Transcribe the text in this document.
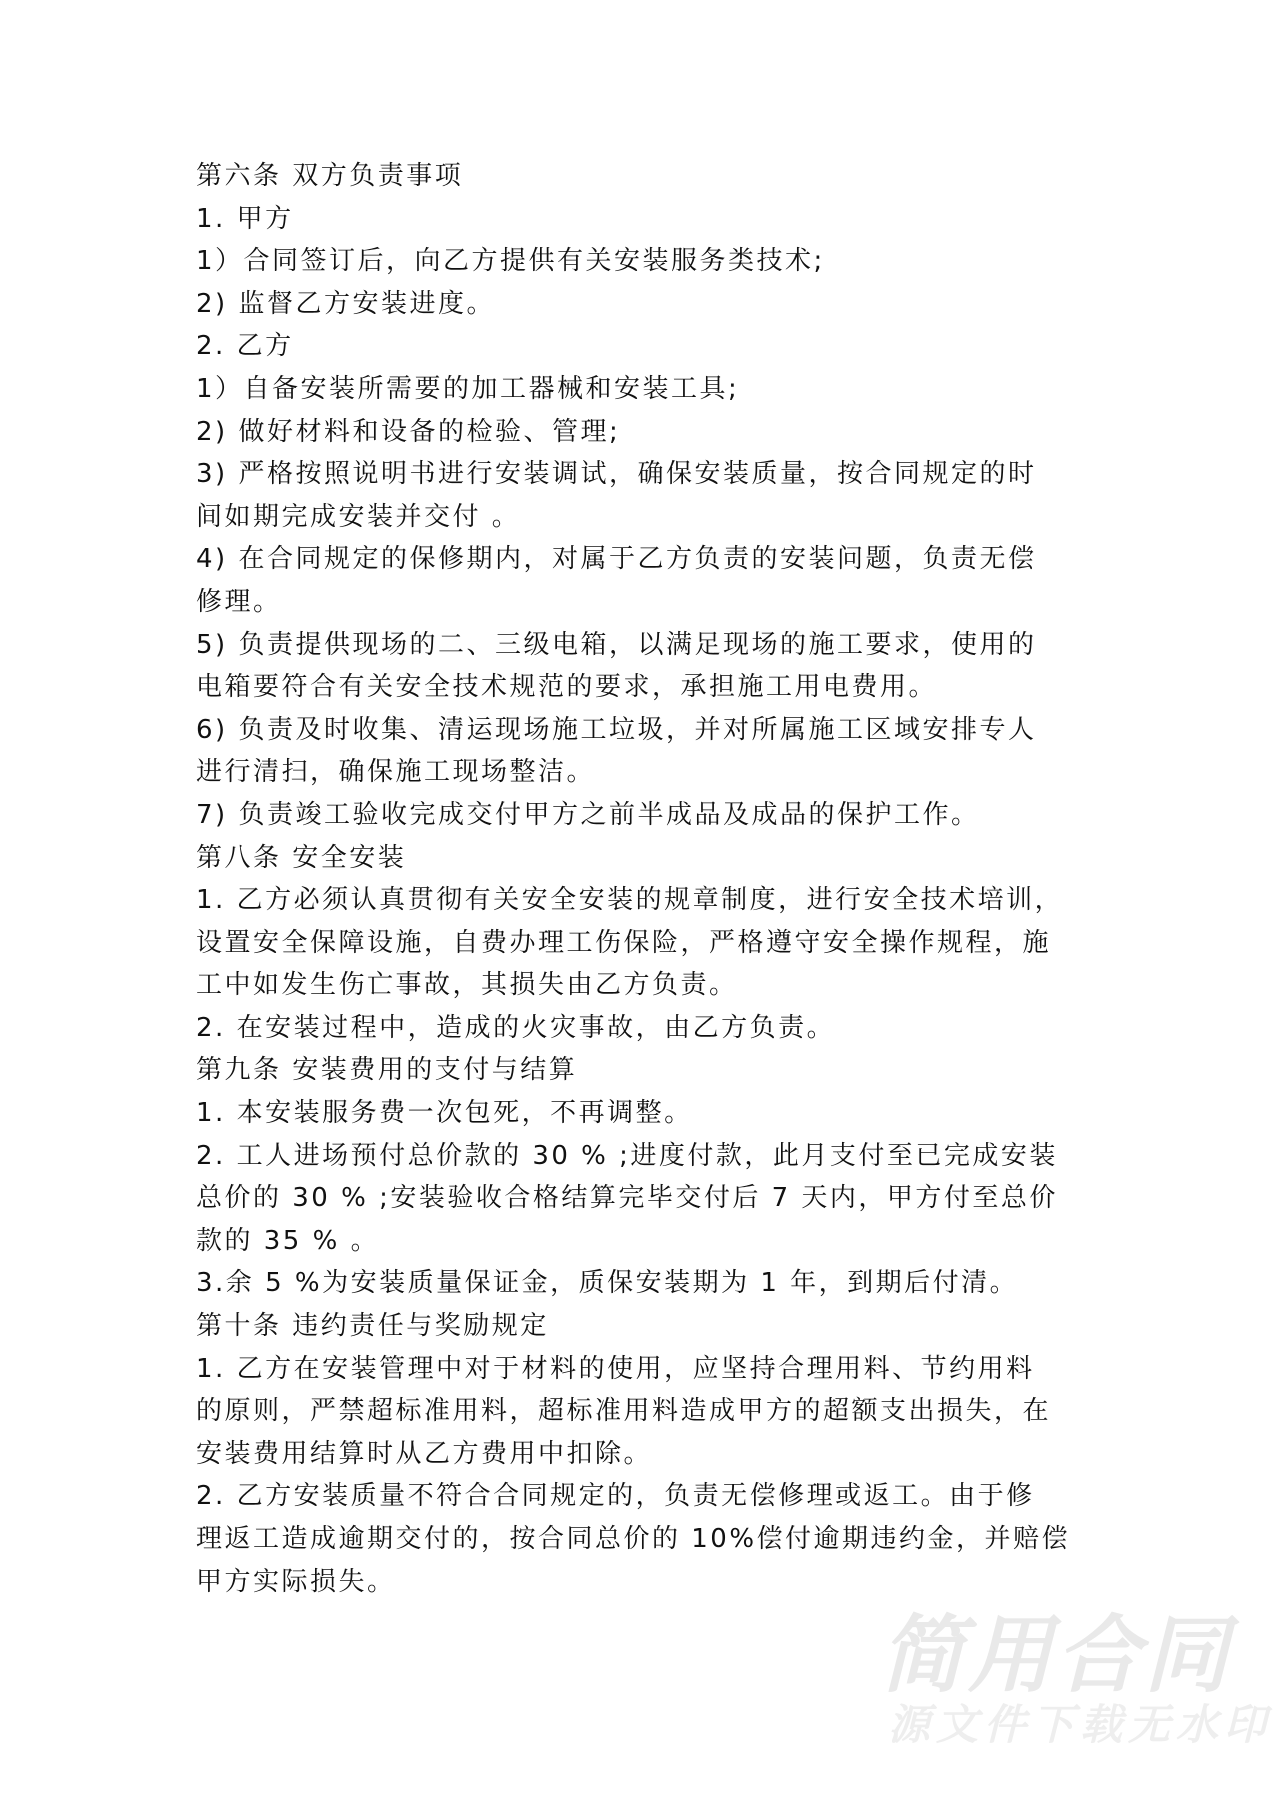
第六条 双方负责事项
1. 甲方
1）合同签订后，向乙方提供有关安装服务类技术;
2) 监督乙方安装进度。
2. 乙方
1）自备安装所需要的加工器械和安装工具;
2) 做好材料和设备的检验、管理;
3) 严格按照说明书进行安装调试，确保安装质量，按合同规定的时
间如期完成安装并交付 。
4) 在合同规定的保修期内，对属于乙方负责的安装问题，负责无偿
修理。
5) 负责提供现场的二、三级电箱，以满足现场的施工要求，使用的
电箱要符合有关安全技术规范的要求，承担施工用电费用。
6) 负责及时收集、清运现场施工垃圾，并对所属施工区域安排专人
进行清扫，确保施工现场整洁。
7) 负责竣工验收完成交付甲方之前半成品及成品的保护工作。
第八条 安全安装
1. 乙方必须认真贯彻有关安全安装的规章制度，进行安全技术培训，
设置安全保障设施，自费办理工伤保险，严格遵守安全操作规程，施
工中如发生伤亡事故，其损失由乙方负责。
2. 在安装过程中，造成的火灾事故，由乙方负责。
第九条 安装费用的支付与结算
1. 本安装服务费一次包死，不再调整。
2. 工人进场预付总价款的 30 % ;进度付款，此月支付至已完成安装
总价的 30 % ;安装验收合格结算完毕交付后 7 天内，甲方付至总价
款的 35 % 。
3.余 5 %为安装质量保证金，质保安装期为 1 年，到期后付清。
第十条 违约责任与奖励规定
1. 乙方在安装管理中对于材料的使用，应坚持合理用料、节约用料
的原则，严禁超标准用料，超标准用料造成甲方的超额支出损失，在
安装费用结算时从乙方费用中扣除。
2. 乙方安装质量不符合合同规定的，负责无偿修理或返工。由于修
理返工造成逾期交付的，按合同总价的 10%偿付逾期违约金，并赔偿
甲方实际损失。
简用合同
源文件下载无水印
